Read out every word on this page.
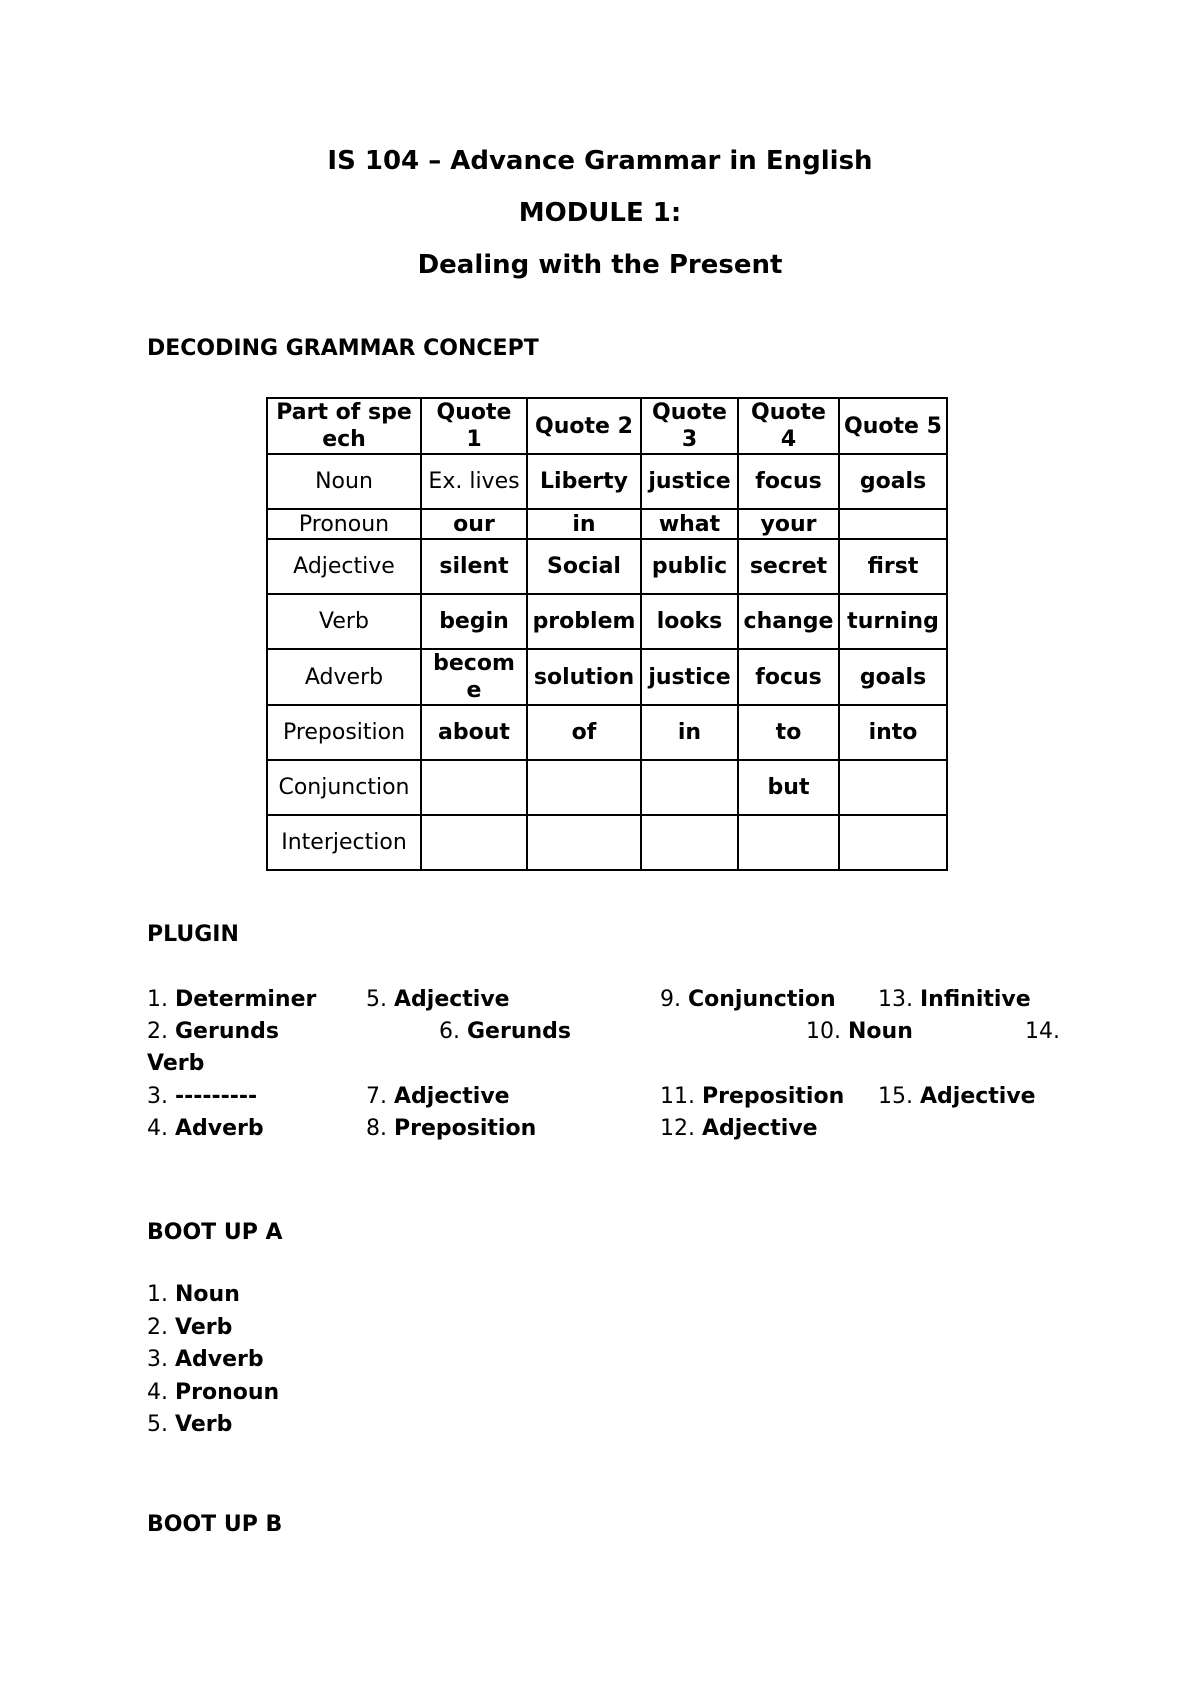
IS 104 – Advance Grammar in English
MODULE 1:
Dealing with the Present
DECODING GRAMMAR CONCEPT
Part of speech	Quote 1	Quote 2	Quote 3	Quote 4	Quote 5
Noun	Ex. lives	Liberty	justice	focus	goals
Pronoun	our	in	what	your	
Adjective	silent	Social	public	secret	first
Verb	begin	problem	looks	change	turning
Adverb	become	solution	justice	focus	goals
Preposition	about	of	in	to	into
Conjunction				but	
Interjection					
PLUGIN
1. Determiner
2. Gerunds
3. ---------
4. Adverb
5. Adjective
6. Gerunds
7. Adjective
8. Preposition
9. Conjunction
10. Noun
11. Preposition
12. Adjective
13. Infinitive
14.
Verb
15. Adjective
BOOT UP A
1. Noun
2. Verb
3. Adverb
4. Pronoun
5. Verb
BOOT UP B
